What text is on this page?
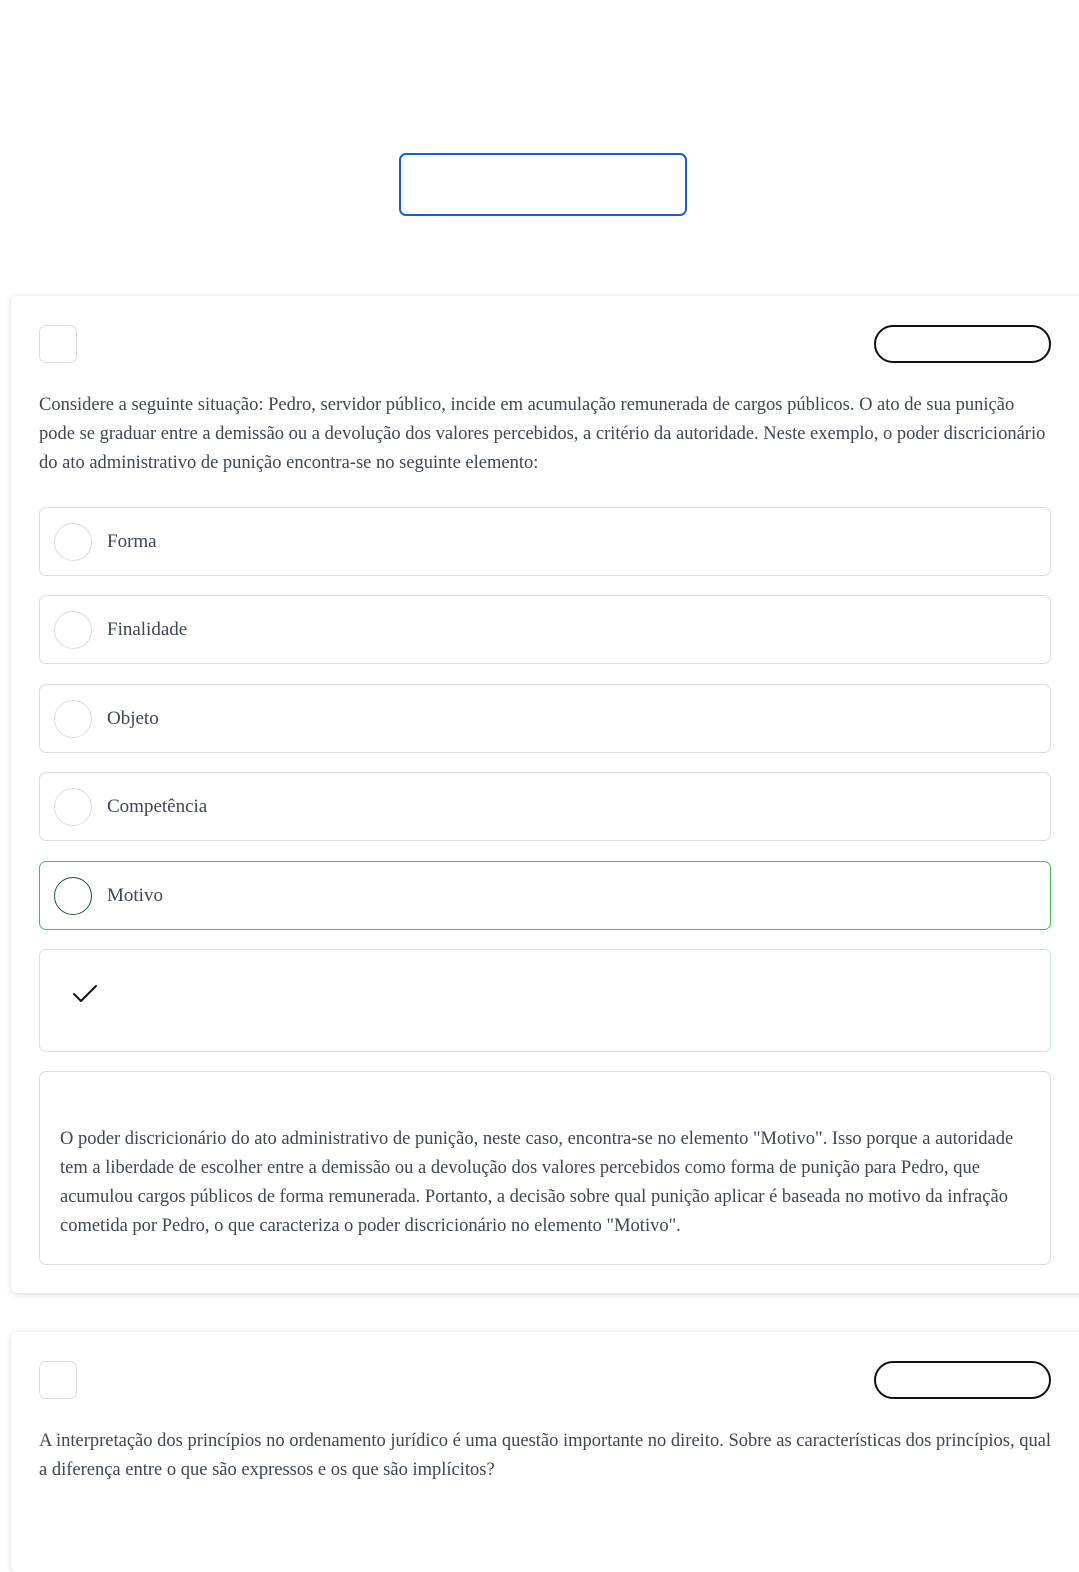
Considere a seguinte situação: Pedro, servidor público, incide em acumulação remunerada de cargos públicos. O ato de sua punição pode se graduar entre a demissão ou a devolução dos valores percebidos, a critério da autoridade. Neste exemplo, o poder discricionário do ato administrativo de punição encontra-se no seguinte elemento:

Forma
Finalidade
Objeto
Competência
Motivo

O poder discricionário do ato administrativo de punição, neste caso, encontra-se no elemento "Motivo". Isso porque a autoridade tem a liberdade de escolher entre a demissão ou a devolução dos valores percebidos como forma de punição para Pedro, que acumulou cargos públicos de forma remunerada. Portanto, a decisão sobre qual punição aplicar é baseada no motivo da infração cometida por Pedro, o que caracteriza o poder discricionário no elemento "Motivo".

A interpretação dos princípios no ordenamento jurídico é uma questão importante no direito. Sobre as características dos princípios, qual a diferença entre o que são expressos e os que são implícitos?
